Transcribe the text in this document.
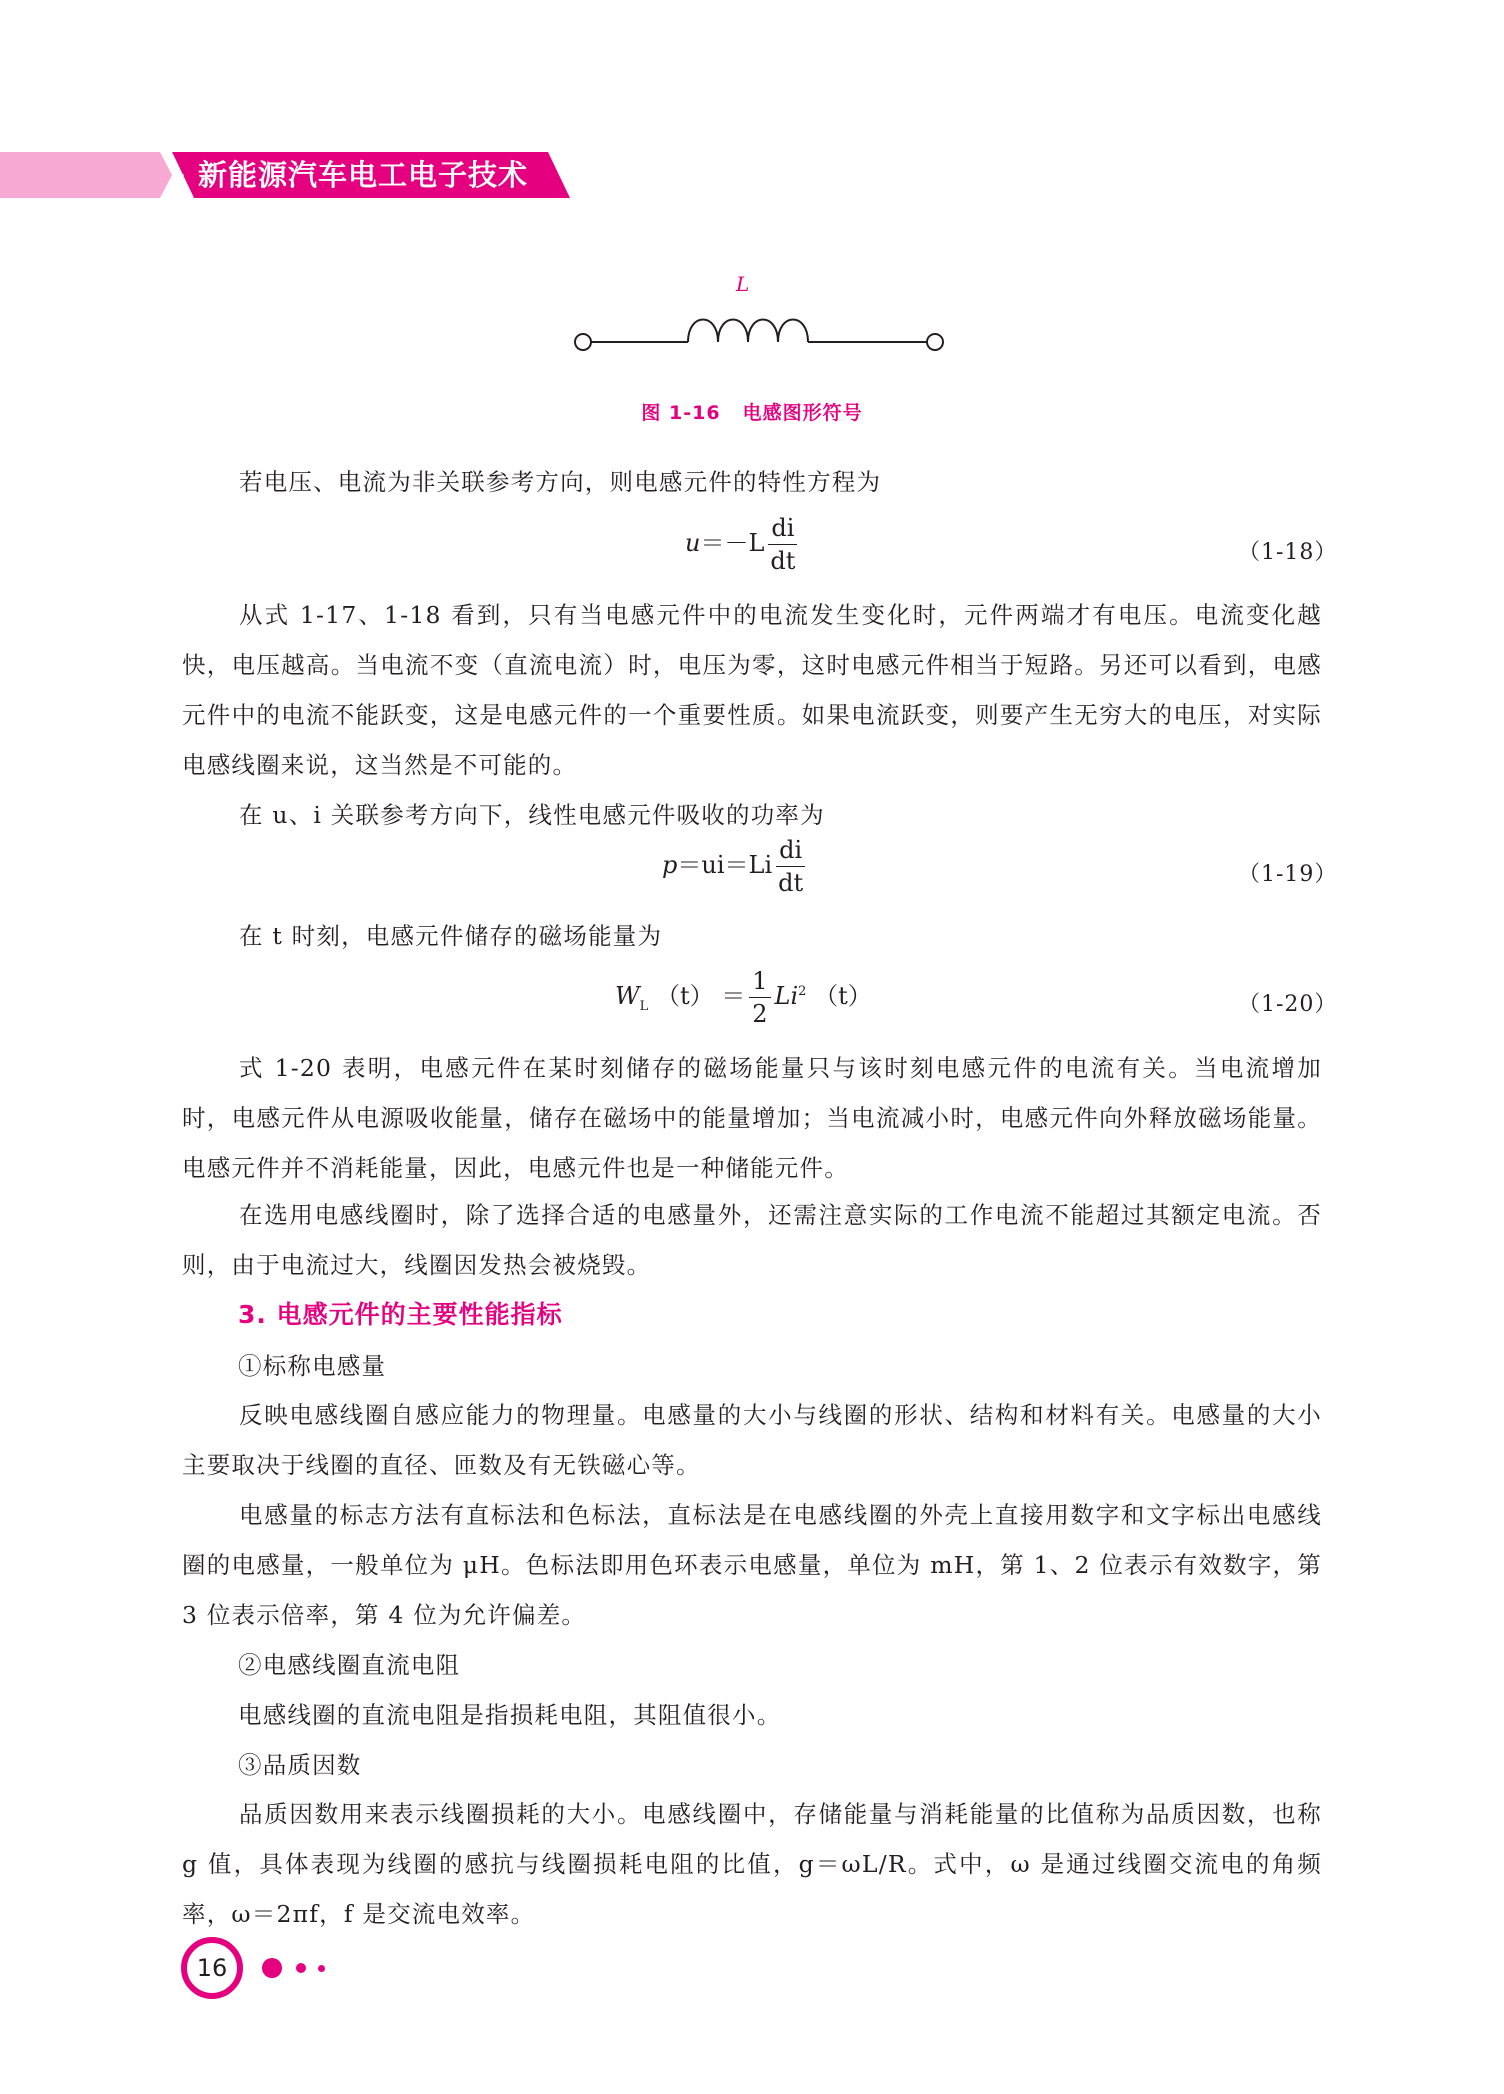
新能源汽车电工电子技术
L
图 1-16 电感图形符号

若电压、电流为非关联参考方向，则电感元件的特性方程为

$u=-L \frac{di}{dt}$	（1-18）

从式 1-17、1-18 看到，只有当电感元件中的电流发生变化时，元件两端才有电压。电流变化越快，电压越高。当电流不变（直流电流）时，电压为零，这时电感元件相当于短路。另还可以看到，电感元件中的电流不能跃变，这是电感元件的一个重要性质。如果电流跃变，则要产生无穷大的电压，对实际电感线圈来说，这当然是不可能的。

在 u、i 关联参考方向下，线性电感元件吸收的功率为

$p=ui=Li \frac{di}{dt}$	（1-19）

在 t 时刻，电感元件储存的磁场能量为

$W_L$ $(t) = \frac{1}{2} Li^2$ （t）	（1-20）

式 1-20 表明，电感元件在某时刻储存的磁场能量只与该时刻电感元件的电流有关。当电流增加时，电感元件从电源吸收能量，储存在磁场中的能量增加；当电流减小时，电感元件向外释放磁场能量。电感元件并不消耗能量，因此，电感元件也是一种储能元件。

在选用电感线圈时，除了选择合适的电感量外，还需注意实际的工作电流不能超过其额定电流。否则，由于电流过大，线圈因发热会被烧毁。

3. 电感元件的主要性能指标
①标称电感量

反映电感线圈自感应能力的物理量。电感量的大小与线圈的形状、结构和材料有关。电感量的大小主要取决于线圈的直径、匝数及有无铁磁心等。

电感量的标志方法有直标法和色标法，直标法是在电感线圈的外壳上直接用数字和文字标出电感线圈的电感量，一般单位为 μH。色标法即用色环表示电感量，单位为 mH，第 1、2 位表示有效数字，第 3 位表示倍率，第 4 位为允许偏差。

②电感线圈直流电阻
电感线圈的直流电阻是指损耗电阻，其阻值很小。
③品质因数

品质因数用来表示线圈损耗的大小。电感线圈中，存储能量与消耗能量的比值称为品质因数，也称 g 值，具体表现为线圈的感抗与线圈损耗电阻的比值，g＝ωL/R。式中，ω 是通过线圈交流电的角频率，ω＝2πf，f 是交流电效率。

16
